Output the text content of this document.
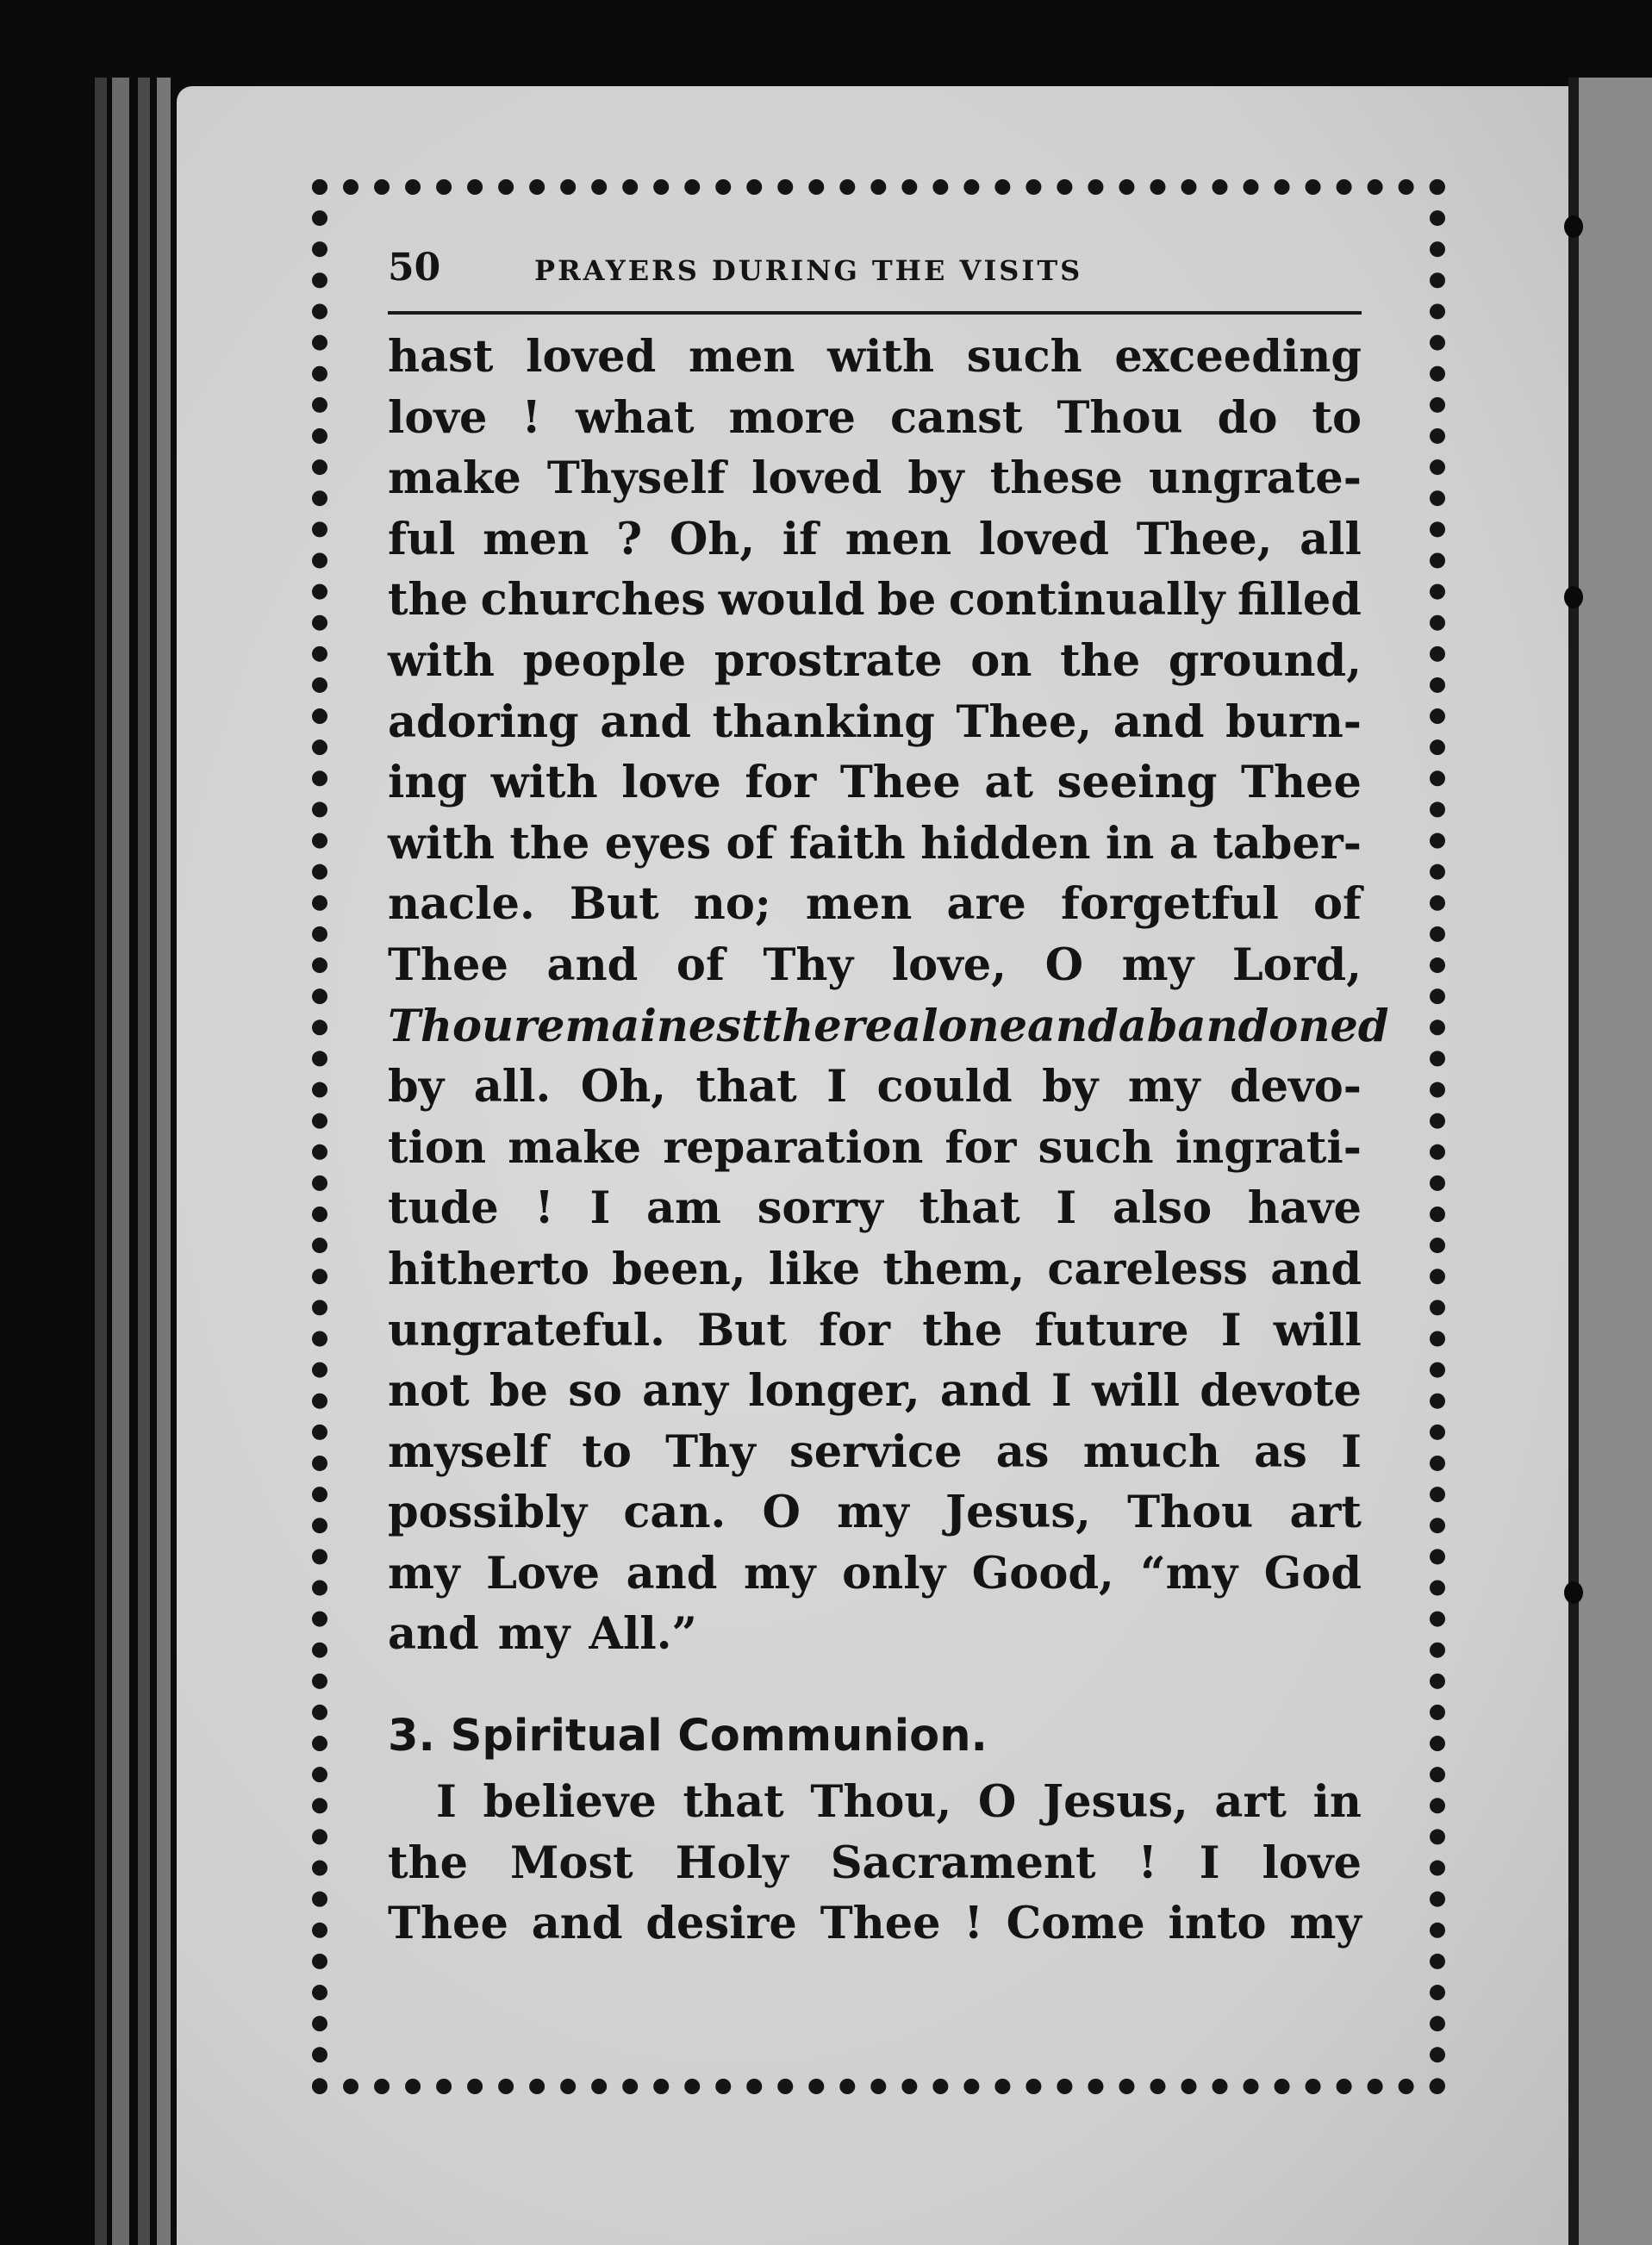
50	PRAYERS DURING THE VISITS
hast loved men with such exceeding
love ! what more canst Thou do to
make Thyself loved by these ungrate-
ful men ? Oh, if men loved Thee, all
the churches would be continually filled
with people prostrate on the ground,
adoring and thanking Thee, and burn-
ing with love for Thee at seeing Thee
with the eyes of faith hidden in a taber-
nacle. But no; men are forgetful of
Thee and of Thy love, O my Lord,
Thou remainest there alone and abandoned
by all. Oh, that I could by my devo-
tion make reparation for such ingrati-
tude ! I am sorry that I also have
hitherto been, like them, careless and
ungrateful. But for the future I will
not be so any longer, and I will devote
myself to Thy service as much as I
possibly can. O my Jesus, Thou art
my Love and my only Good, “my God
and my All.”
3. Spiritual Communion.
I believe that Thou, O Jesus, art in
the Most Holy Sacrament ! I love
Thee and desire Thee ! Come into my
